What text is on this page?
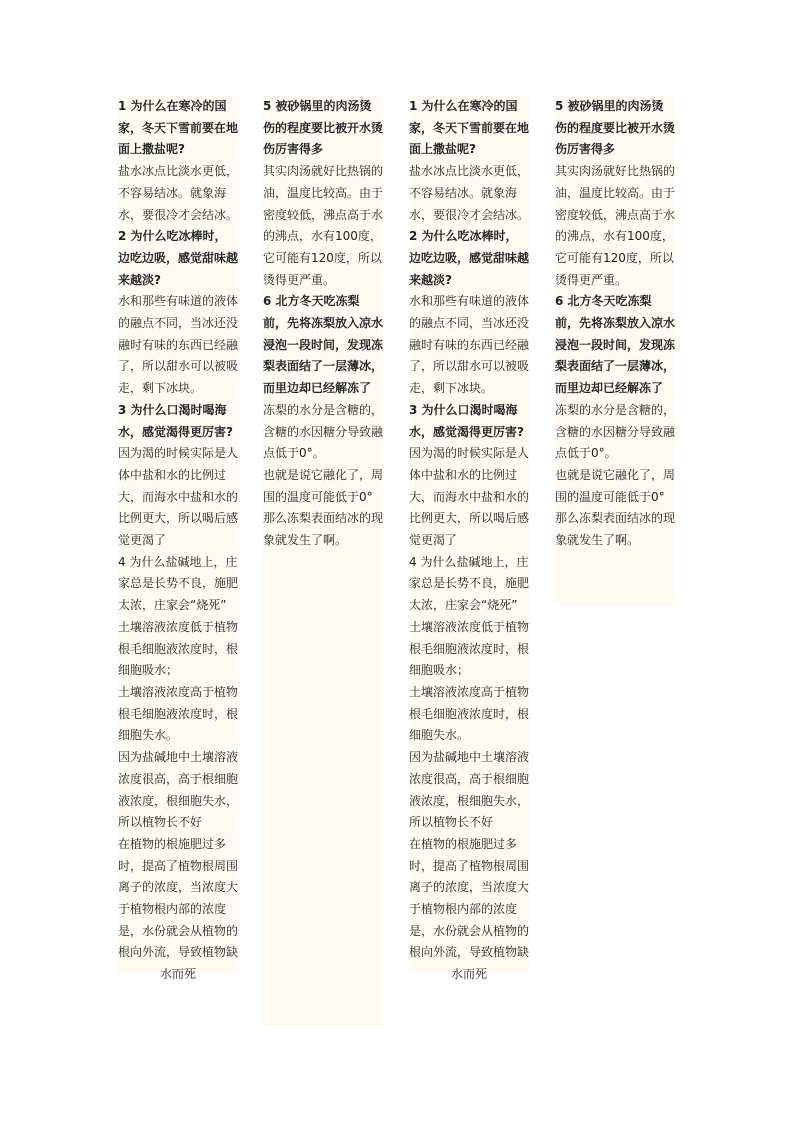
1 为什么在寒冷的国家，冬天下雪前要在地面上撒盐呢?

盐水冰点比淡水更低，不容易结冰。就象海水，要很冷才会结冰。

2 为什么吃冰棒时，边吃边吸，感觉甜味越来越淡?

水和那些有味道的液体的融点不同，当冰还没融时有味的东西已经融了，所以甜水可以被吸走，剩下冰块。

3 为什么口渴时喝海水，感觉渴得更厉害?

因为渴的时候实际是人体中盐和水的比例过大，而海水中盐和水的比例更大，所以喝后感觉更渴了

4 为什么盐碱地上，庄家总是长势不良，施肥太浓，庄家会“烧死”

土壤溶液浓度低于植物根毛细胞液浓度时，根细胞吸水；

土壤溶液浓度高于植物根毛细胞液浓度时，根细胞失水。

因为盐碱地中土壤溶液浓度很高，高于根细胞液浓度，根细胞失水，所以植物长不好

在植物的根施肥过多时，提高了植物根周围离子的浓度，当浓度大 于植物根内部的浓度是，水份就会从植物的根向外流，导致植物缺

水而死

5 被砂锅里的肉汤烫伤的程度要比被开水烫伤厉害得多

其实肉汤就好比热锅的油，温度比较高。由于密度较低，沸点高于水的沸点，水有100度，它可能有120度，所以烫得更严重。

6 北方冬天吃冻梨前，先将冻梨放入凉水浸泡一段时间，发现冻梨表面结了一层薄冰，而里边却已经解冻了

冻梨的水分是含糖的，含糖的水因糖分导致融点低于0°。

也就是说它融化了，周围的温度可能低于0°那么冻梨表面结冰的现象就发生了啊。

1 为什么在寒冷的国家，冬天下雪前要在地面上撒盐呢?

盐水冰点比淡水更低，不容易结冰。就象海水，要很冷才会结冰。

2 为什么吃冰棒时，边吃边吸，感觉甜味越来越淡?

水和那些有味道的液体的融点不同，当冰还没融时有味的东西已经融了，所以甜水可以被吸走，剩下冰块。

3 为什么口渴时喝海水，感觉渴得更厉害?

因为渴的时候实际是人体中盐和水的比例过大，而海水中盐和水的比例更大，所以喝后感觉更渴了

4 为什么盐碱地上，庄家总是长势不良，施肥太浓，庄家会“烧死”

土壤溶液浓度低于植物根毛细胞液浓度时，根细胞吸水；

土壤溶液浓度高于植物根毛细胞液浓度时，根细胞失水。

因为盐碱地中土壤溶液浓度很高，高于根细胞液浓度，根细胞失水，所以植物长不好

在植物的根施肥过多时，提高了植物根周围离子的浓度，当浓度大 于植物根内部的浓度是，水份就会从植物的根向外流，导致植物缺

水而死

5 被砂锅里的肉汤烫伤的程度要比被开水烫伤厉害得多

其实肉汤就好比热锅的油，温度比较高。由于密度较低，沸点高于水的沸点，水有100度，它可能有120度，所以烫得更严重。

6 北方冬天吃冻梨前，先将冻梨放入凉水浸泡一段时间，发现冻梨表面结了一层薄冰，而里边却已经解冻了

冻梨的水分是含糖的，含糖的水因糖分导致融点低于0°。

也就是说它融化了，周围的温度可能低于0°那么冻梨表面结冰的现象就发生了啊。
